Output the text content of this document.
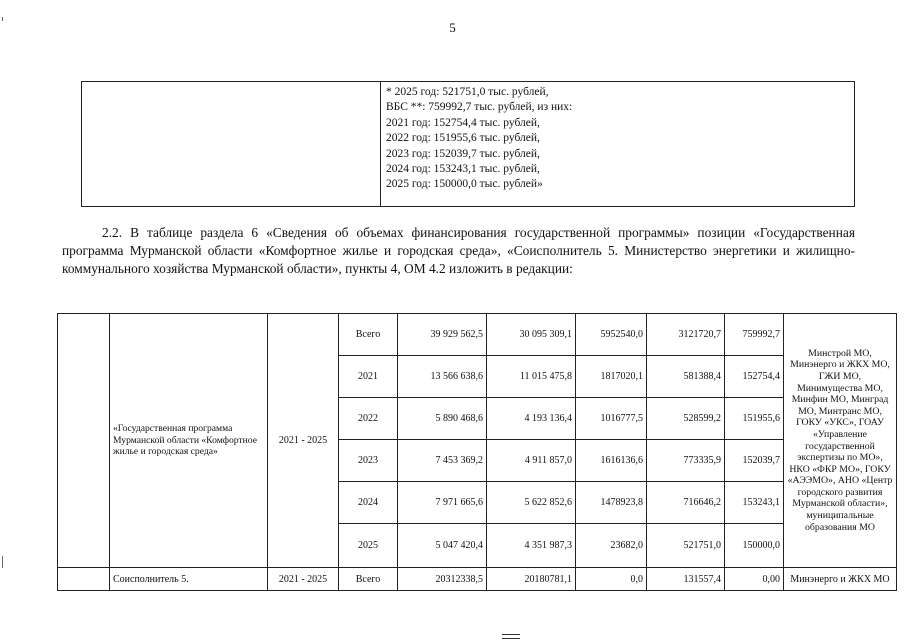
5
* 2025 год: 521751,0 тыс. рублей,
ВБС **: 759992,7 тыс. рублей, из них:
2021 год: 152754,4 тыс. рублей,
2022 год: 151955,6 тыс. рублей,
2023 год: 152039,7 тыс. рублей,
2024 год: 153243,1 тыс. рублей,
2025 год: 150000,0 тыс. рублей»
2.2. В таблице раздела 6 «Сведения об объемах финансирования государственной программы» позиции «Государственная программа Мурманской области «Комфортное жилье и городская среда», «Соисполнитель 5. Министерство энергетики и жилищно-коммунального хозяйства Мурманской области», пункты 4, ОМ 4.2 изложить в редакции:
	«Государственная программа Мурманской области «Комфортное жилье и городская среда»	2021 - 2025	Всего	39 929 562,5	30 095 309,1	5952540,0	3121720,7	759992,7	Минстрой МО, Минэнерго и ЖКХ МО, ГЖИ МО, Минимущества МО, Минфин МО, Минград МО, Минтранс МО, ГОКУ «УКС», ГОАУ «Управление государственной экспертизы по МО», НКО «ФКР МО», ГОКУ «АЭЭМО», АНО «Центр городского развития Мурманской области», муниципальные образования МО
			2021	13 566 638,6	11 015 475,8	1817020,1	581388,4	152754,4	
			2022	5 890 468,6	4 193 136,4	1016777,5	528599,2	151955,6	
			2023	7 453 369,2	4 911 857,0	1616136,6	773335,9	152039,7	
			2024	7 971 665,6	5 622 852,6	1478923,8	716646,2	153243,1	
			2025	5 047 420,4	4 351 987,3	23682,0	521751,0	150000,0	
	Соисполнитель 5.	2021 - 2025	Всего	20312338,5	20180781,1	0,0	131557,4	0,00	Минэнерго и ЖКХ МО
